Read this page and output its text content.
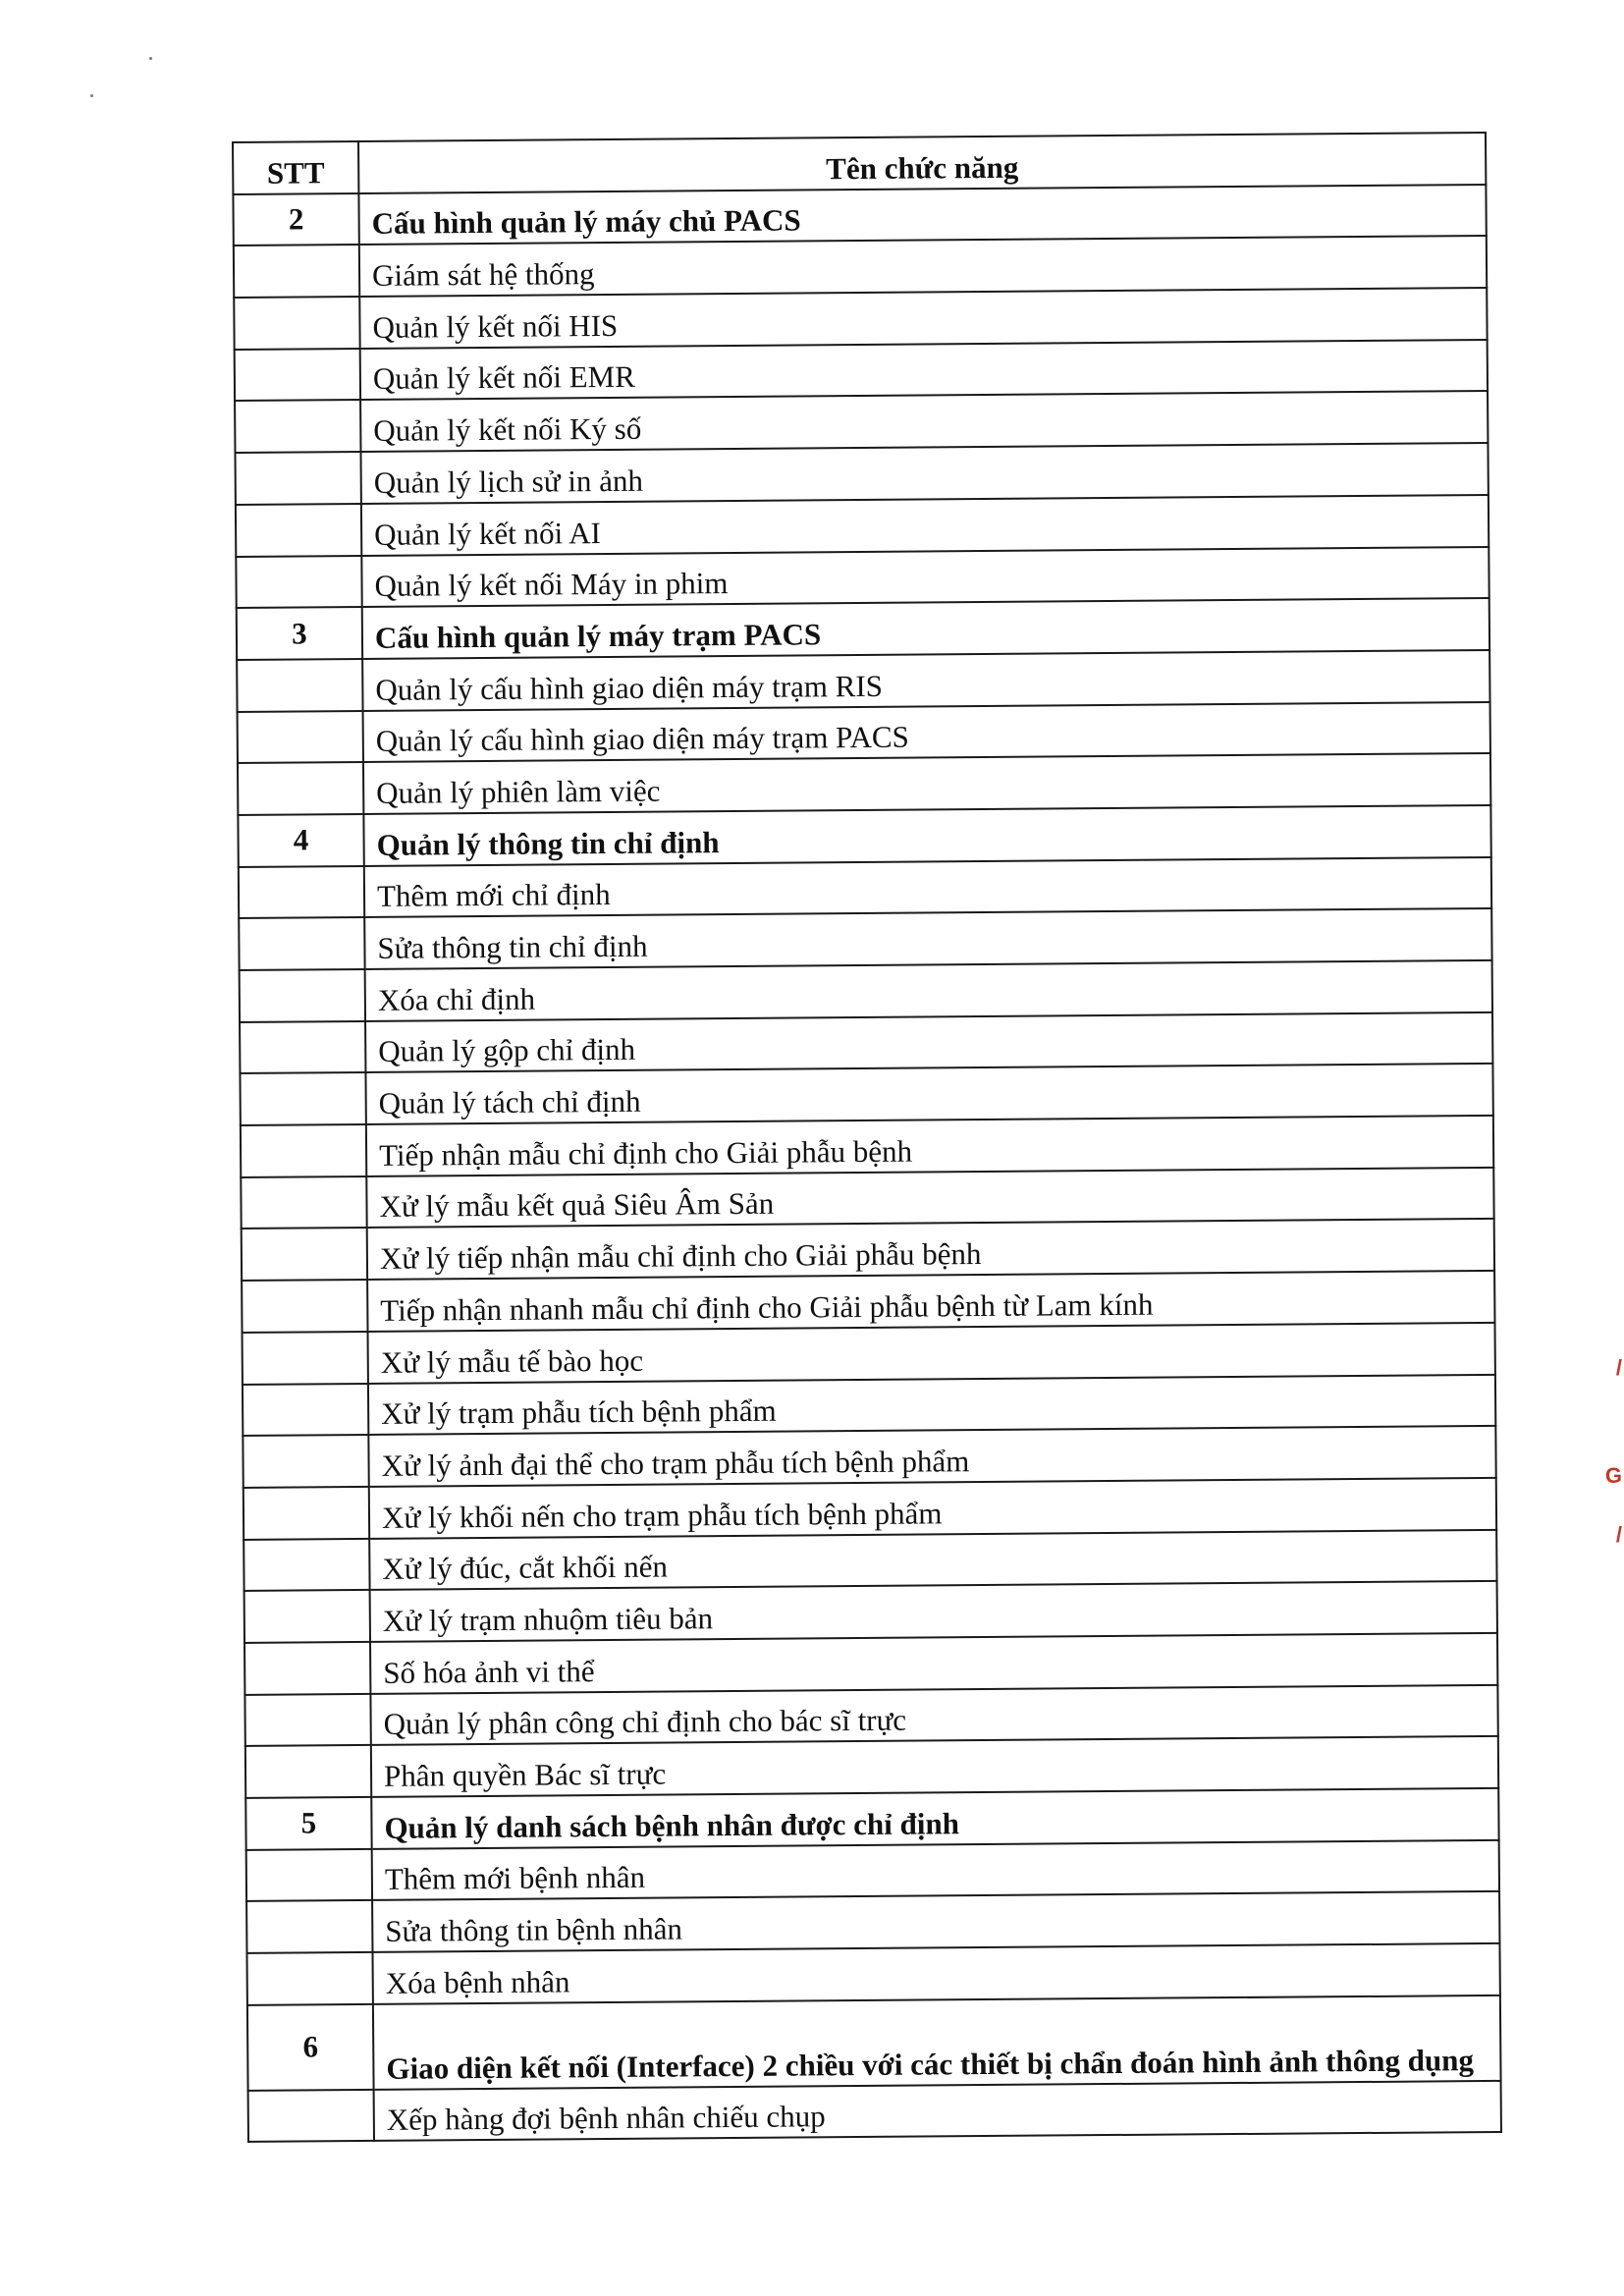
STT	Tên chức năng
2	Cấu hình quản lý máy chủ PACS
	Giám sát hệ thống
	Quản lý kết nối HIS
	Quản lý kết nối EMR
	Quản lý kết nối Ký số
	Quản lý lịch sử in ảnh
	Quản lý kết nối AI
	Quản lý kết nối Máy in phim
3	Cấu hình quản lý máy trạm PACS
	Quản lý cấu hình giao diện máy trạm RIS
	Quản lý cấu hình giao diện máy trạm PACS
	Quản lý phiên làm việc
4	Quản lý thông tin chỉ định
	Thêm mới chỉ định
	Sửa thông tin chỉ định
	Xóa chỉ định
	Quản lý gộp chỉ định
	Quản lý tách chỉ định
	Tiếp nhận mẫu chỉ định cho Giải phẫu bệnh
	Xử lý mẫu kết quả Siêu Âm Sản
	Xử lý tiếp nhận mẫu chỉ định cho Giải phẫu bệnh
	Tiếp nhận nhanh mẫu chỉ định cho Giải phẫu bệnh từ Lam kính
	Xử lý mẫu tế bào học
	Xử lý trạm phẫu tích bệnh phẩm
	Xử lý ảnh đại thể cho trạm phẫu tích bệnh phẩm
	Xử lý khối nến cho trạm phẫu tích bệnh phẩm
	Xử lý đúc, cắt khối nến
	Xử lý trạm nhuộm tiêu bản
	Số hóa ảnh vi thể
	Quản lý phân công chỉ định cho bác sĩ trực
	Phân quyền Bác sĩ trực
5	Quản lý danh sách bệnh nhân được chỉ định
	Thêm mới bệnh nhân
	Sửa thông tin bệnh nhân
	Xóa bệnh nhân
6	Giao diện kết nối (Interface) 2 chiều với các thiết bị chẩn đoán hình ảnh thông dụng
	Xếp hàng đợi bệnh nhân chiếu chụp
/
G
/
